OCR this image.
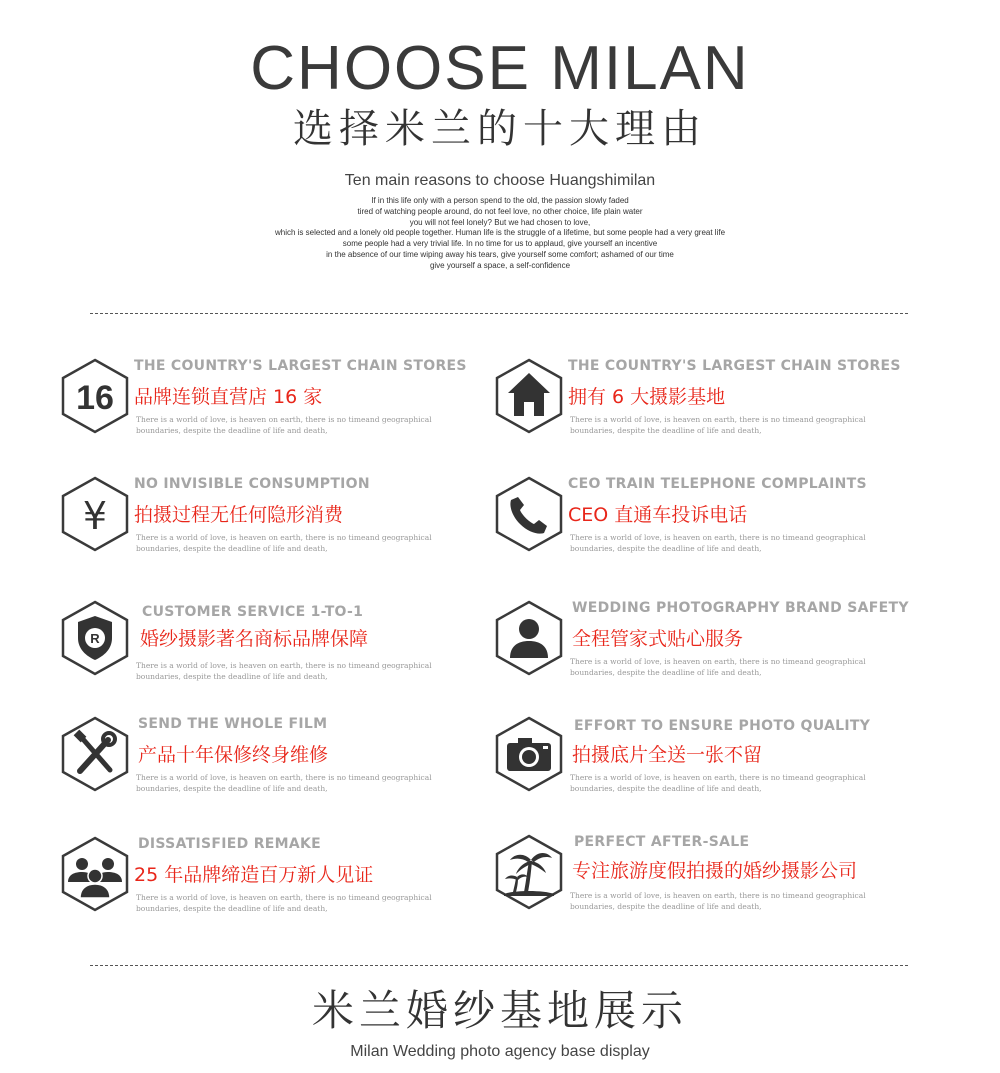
CHOOSE MILAN
选择米兰的十大理由
Ten main reasons to choose Huangshimilan
If in this life only with a person spend to the old, the passion slowly faded
tired of watching people around, do not feel love, no other choice, life plain water
you will not feel lonely? But we had chosen to love,
which is selected and a lonely old people together. Human life is the struggle of a lifetime, but some people had a very great life
some people had a very trivial life. In no time for us to applaud, give yourself an incentive
in the absence of our time wiping away his tears, give yourself some comfort; ashamed of our time
give yourself a space, a self-confidence
16
THE COUNTRY'S LARGEST CHAIN STORES
品牌连锁直营店 16 家
There is a world of love, is heaven on earth, there is no timeand geographical
boundaries, despite the deadline of life and death,
THE COUNTRY'S LARGEST CHAIN STORES
拥有 6 大摄影基地
There is a world of love, is heaven on earth, there is no timeand geographical
boundaries, despite the deadline of life and death,
¥
NO INVISIBLE CONSUMPTION
拍摄过程无任何隐形消费
There is a world of love, is heaven on earth, there is no timeand geographical
boundaries, despite the deadline of life and death,
CEO TRAIN TELEPHONE COMPLAINTS
CEO 直通车投诉电话
There is a world of love, is heaven on earth, there is no timeand geographical
boundaries, despite the deadline of life and death,
R
CUSTOMER SERVICE 1-TO-1
婚纱摄影著名商标品牌保障
There is a world of love, is heaven on earth, there is no timeand geographical
boundaries, despite the deadline of life and death,
WEDDING PHOTOGRAPHY BRAND SAFETY
全程管家式贴心服务
There is a world of love, is heaven on earth, there is no timeand geographical
boundaries, despite the deadline of life and death,
SEND THE WHOLE FILM
产品十年保修终身维修
There is a world of love, is heaven on earth, there is no timeand geographical
boundaries, despite the deadline of life and death,
EFFORT TO ENSURE PHOTO QUALITY
拍摄底片全送一张不留
There is a world of love, is heaven on earth, there is no timeand geographical
boundaries, despite the deadline of life and death,
DISSATISFIED REMAKE
25 年品牌缔造百万新人见证
There is a world of love, is heaven on earth, there is no timeand geographical
boundaries, despite the deadline of life and death,
PERFECT AFTER-SALE
专注旅游度假拍摄的婚纱摄影公司
There is a world of love, is heaven on earth, there is no timeand geographical
boundaries, despite the deadline of life and death,
米兰婚纱基地展示
Milan Wedding photo agency base display
